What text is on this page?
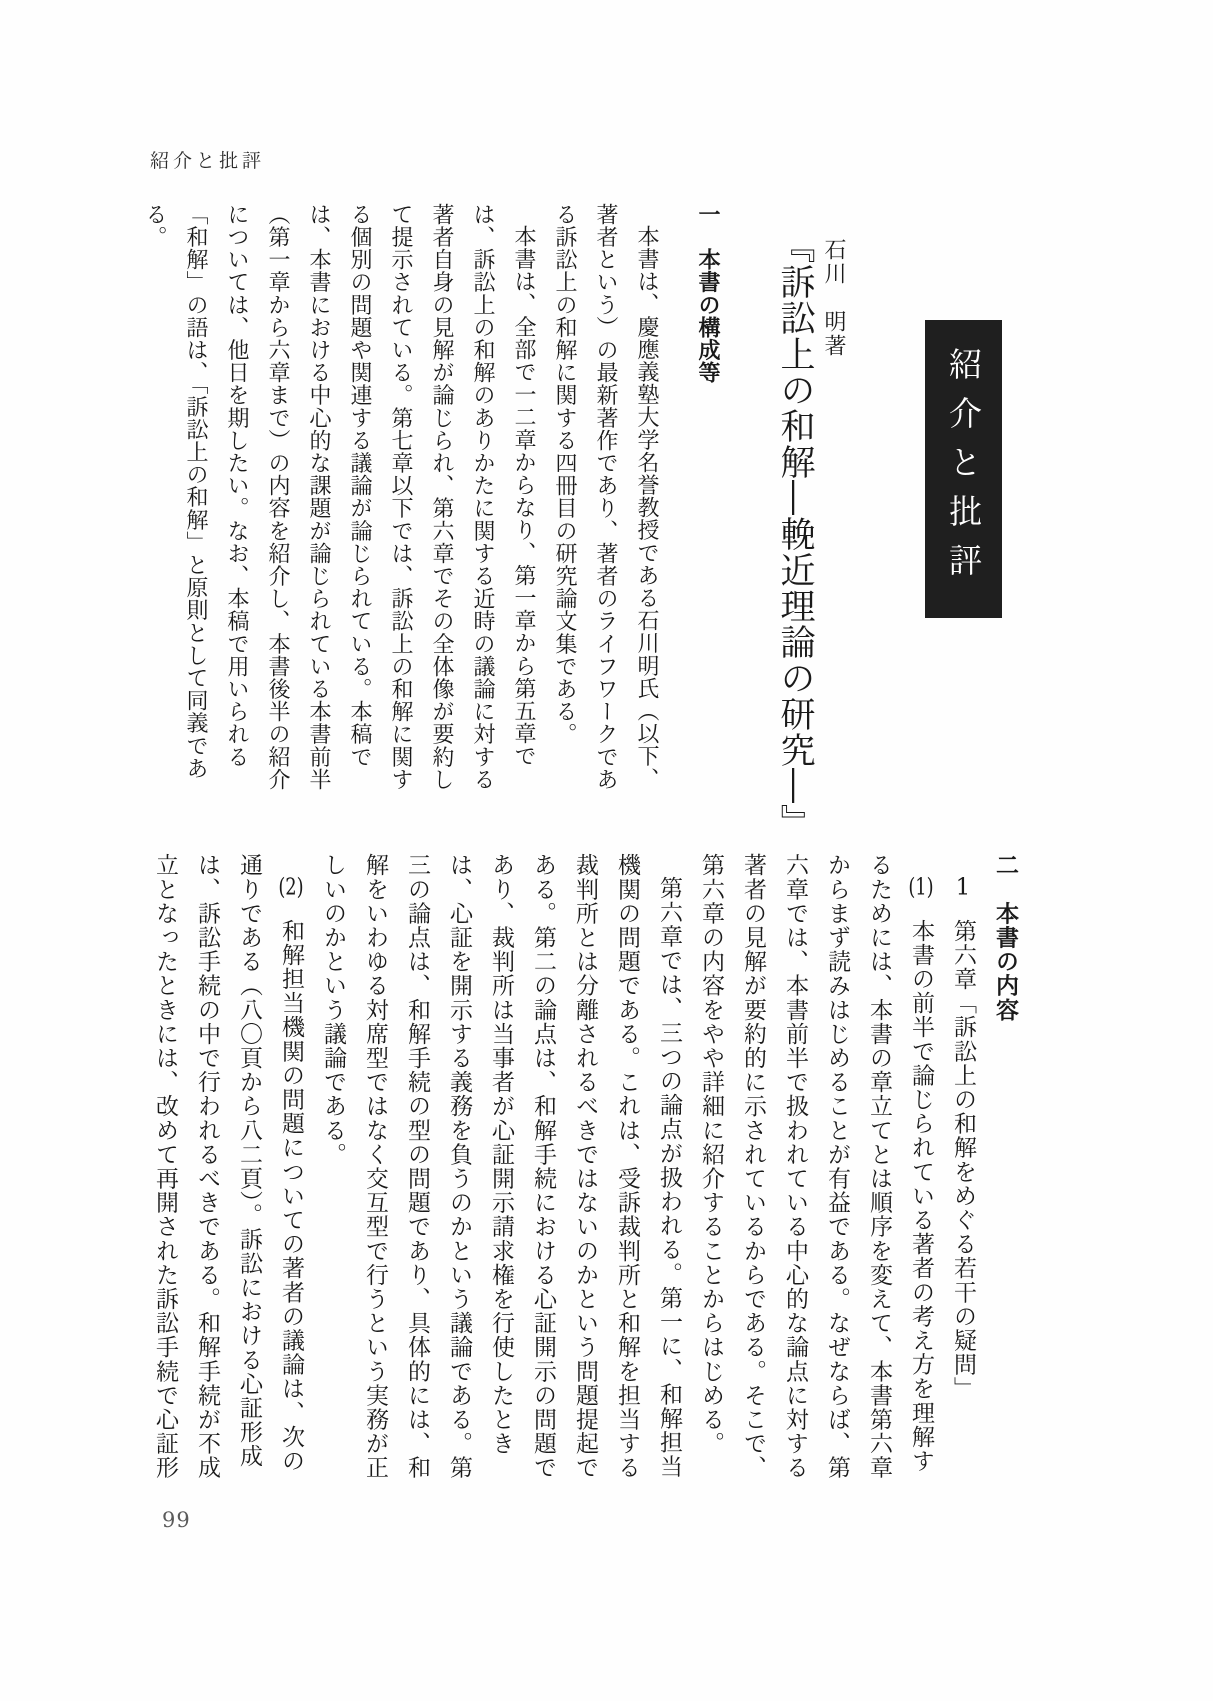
紹介と批評
紹介と批評
石川　明著
『訴訟上の和解―輓近理論の研究―』

一　本書の構成等

本書は、慶應義塾大学名誉教授である石川明氏（以下、著者という）の最新著作であり、著者のライフワークである訴訟上の和解に関する四冊目の研究論文集である。

本書は、全部で一二章からなり、第一章から第五章では、訴訟上の和解のありかたに関する近時の議論に対する著者自身の見解が論じられ、第六章でその全体像が要約して提示されている。第七章以下では、訴訟上の和解に関する個別の問題や関連する議論が論じられている。本稿では、本書における中心的な課題が論じられている本書前半（第一章から六章まで）の内容を紹介し、本書後半の紹介については、他日を期したい。なお、本稿で用いられる「和解」の語は、「訴訟上の和解」と原則として同義である。

二　本書の内容

1第六章「訴訟上の和解をめぐる若干の疑問」

(1)本書の前半で論じられている著者の考え方を理解するためには、本書の章立てとは順序を変えて、本書第六章からまず読みはじめることが有益である。なぜならば、第六章では、本書前半で扱われている中心的な論点に対する著者の見解が要約的に示されているからである。そこで、第六章の内容をやや詳細に紹介することからはじめる。

第六章では、三つの論点が扱われる。第一に、和解担当機関の問題である。これは、受訴裁判所と和解を担当する裁判所とは分離されるべきではないのかという問題提起である。第二の論点は、和解手続における心証開示の問題であり、裁判所は当事者が心証開示請求権を行使したときは、心証を開示する義務を負うのかという議論である。第三の論点は、和解手続の型の問題であり、具体的には、和解をいわゆる対席型ではなく交互型で行うという実務が正しいのかという議論である。

(2)和解担当機関の問題についての著者の議論は、次の通りである（八〇頁から八二頁）。訴訟における心証形成は、訴訟手続の中で行われるべきである。和解手続が不成立となったときには、改めて再開された訴訟手続で心証形

99
